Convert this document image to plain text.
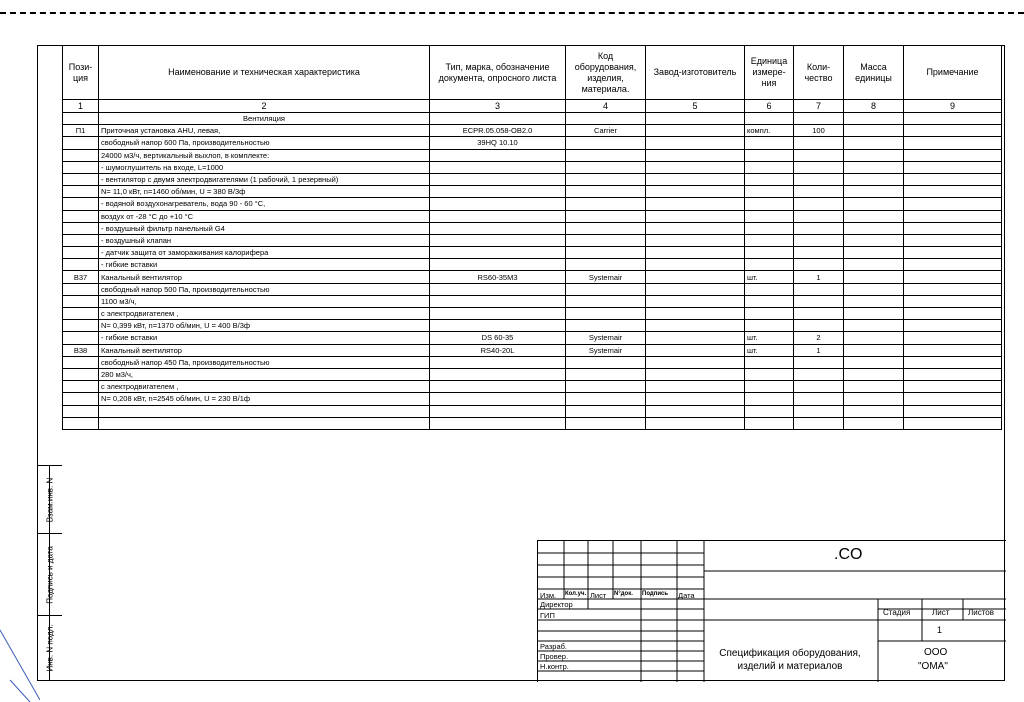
Пози- ция	Наименование и техническая характеристика	Тип, марка, обозначение документа, опросного листа	Код оборудования, изделия, материала.	Завод-изготовитель	Единица измере-ния	Коли-чество	Масса единицы	Примечание
1	2	3	4	5	6	7	8	9
	Вентиляция							
П1	Приточная установка AHU, левая,	ECPR.05.058-OB2.0	Carrier		компл.	100		
	свободный напор 600 Па, производительностью	39HQ 10.10						
	24000 м3/ч, вертикальный выхлоп, в комплекте:							
	- шумоглушитель на входе, L=1000							
	- вентилятор с двумя электродвигателями (1 рабочий, 1 резервный)							
	N= 11,0 кВт, n=1460 об/мин, U = 380 В/3ф							
	- водяной воздухонагреватель, вода 90 - 60 °С,							
	воздух от -28 °С до +10 °С							
	- воздушный фильтр панельный G4							
	- воздушный клапан							
	- датчик защита от замораживания калорифера							
	- гибкие вставки							
В37	Канальный вентилятор	RS60-35M3	Systemair		шт.	1		
	свободный напор 500 Па, производительностью							
	1100 м3/ч,							
	с электродвигателем ,							
	N= 0,399 кВт, n=1370 об/мин, U = 400 В/3ф							
	- гибкие вставки	DS 60-35	Systemair		шт.	2		
В38	Канальный вентилятор	RS40-20L	Systemair		шт.	1		
	свободный напор 450 Па, производительностью							
	280 м3/ч,							
	с электродвигателем ,							
	N= 0,208 кВт, n=2545 об/мин, U = 230 В/1ф							

Взам.инв. N
Подпись и дата
Инв. N подл.
Изм. Кол.уч. Лист N°док. Подпись Дата
Директор
ГИП
Разраб.
Провер.
Н.контр.
.CO
Стадия	Лист Листов
1
Спецификация оборудования, изделий и материалов
ООО
"ОМА"
